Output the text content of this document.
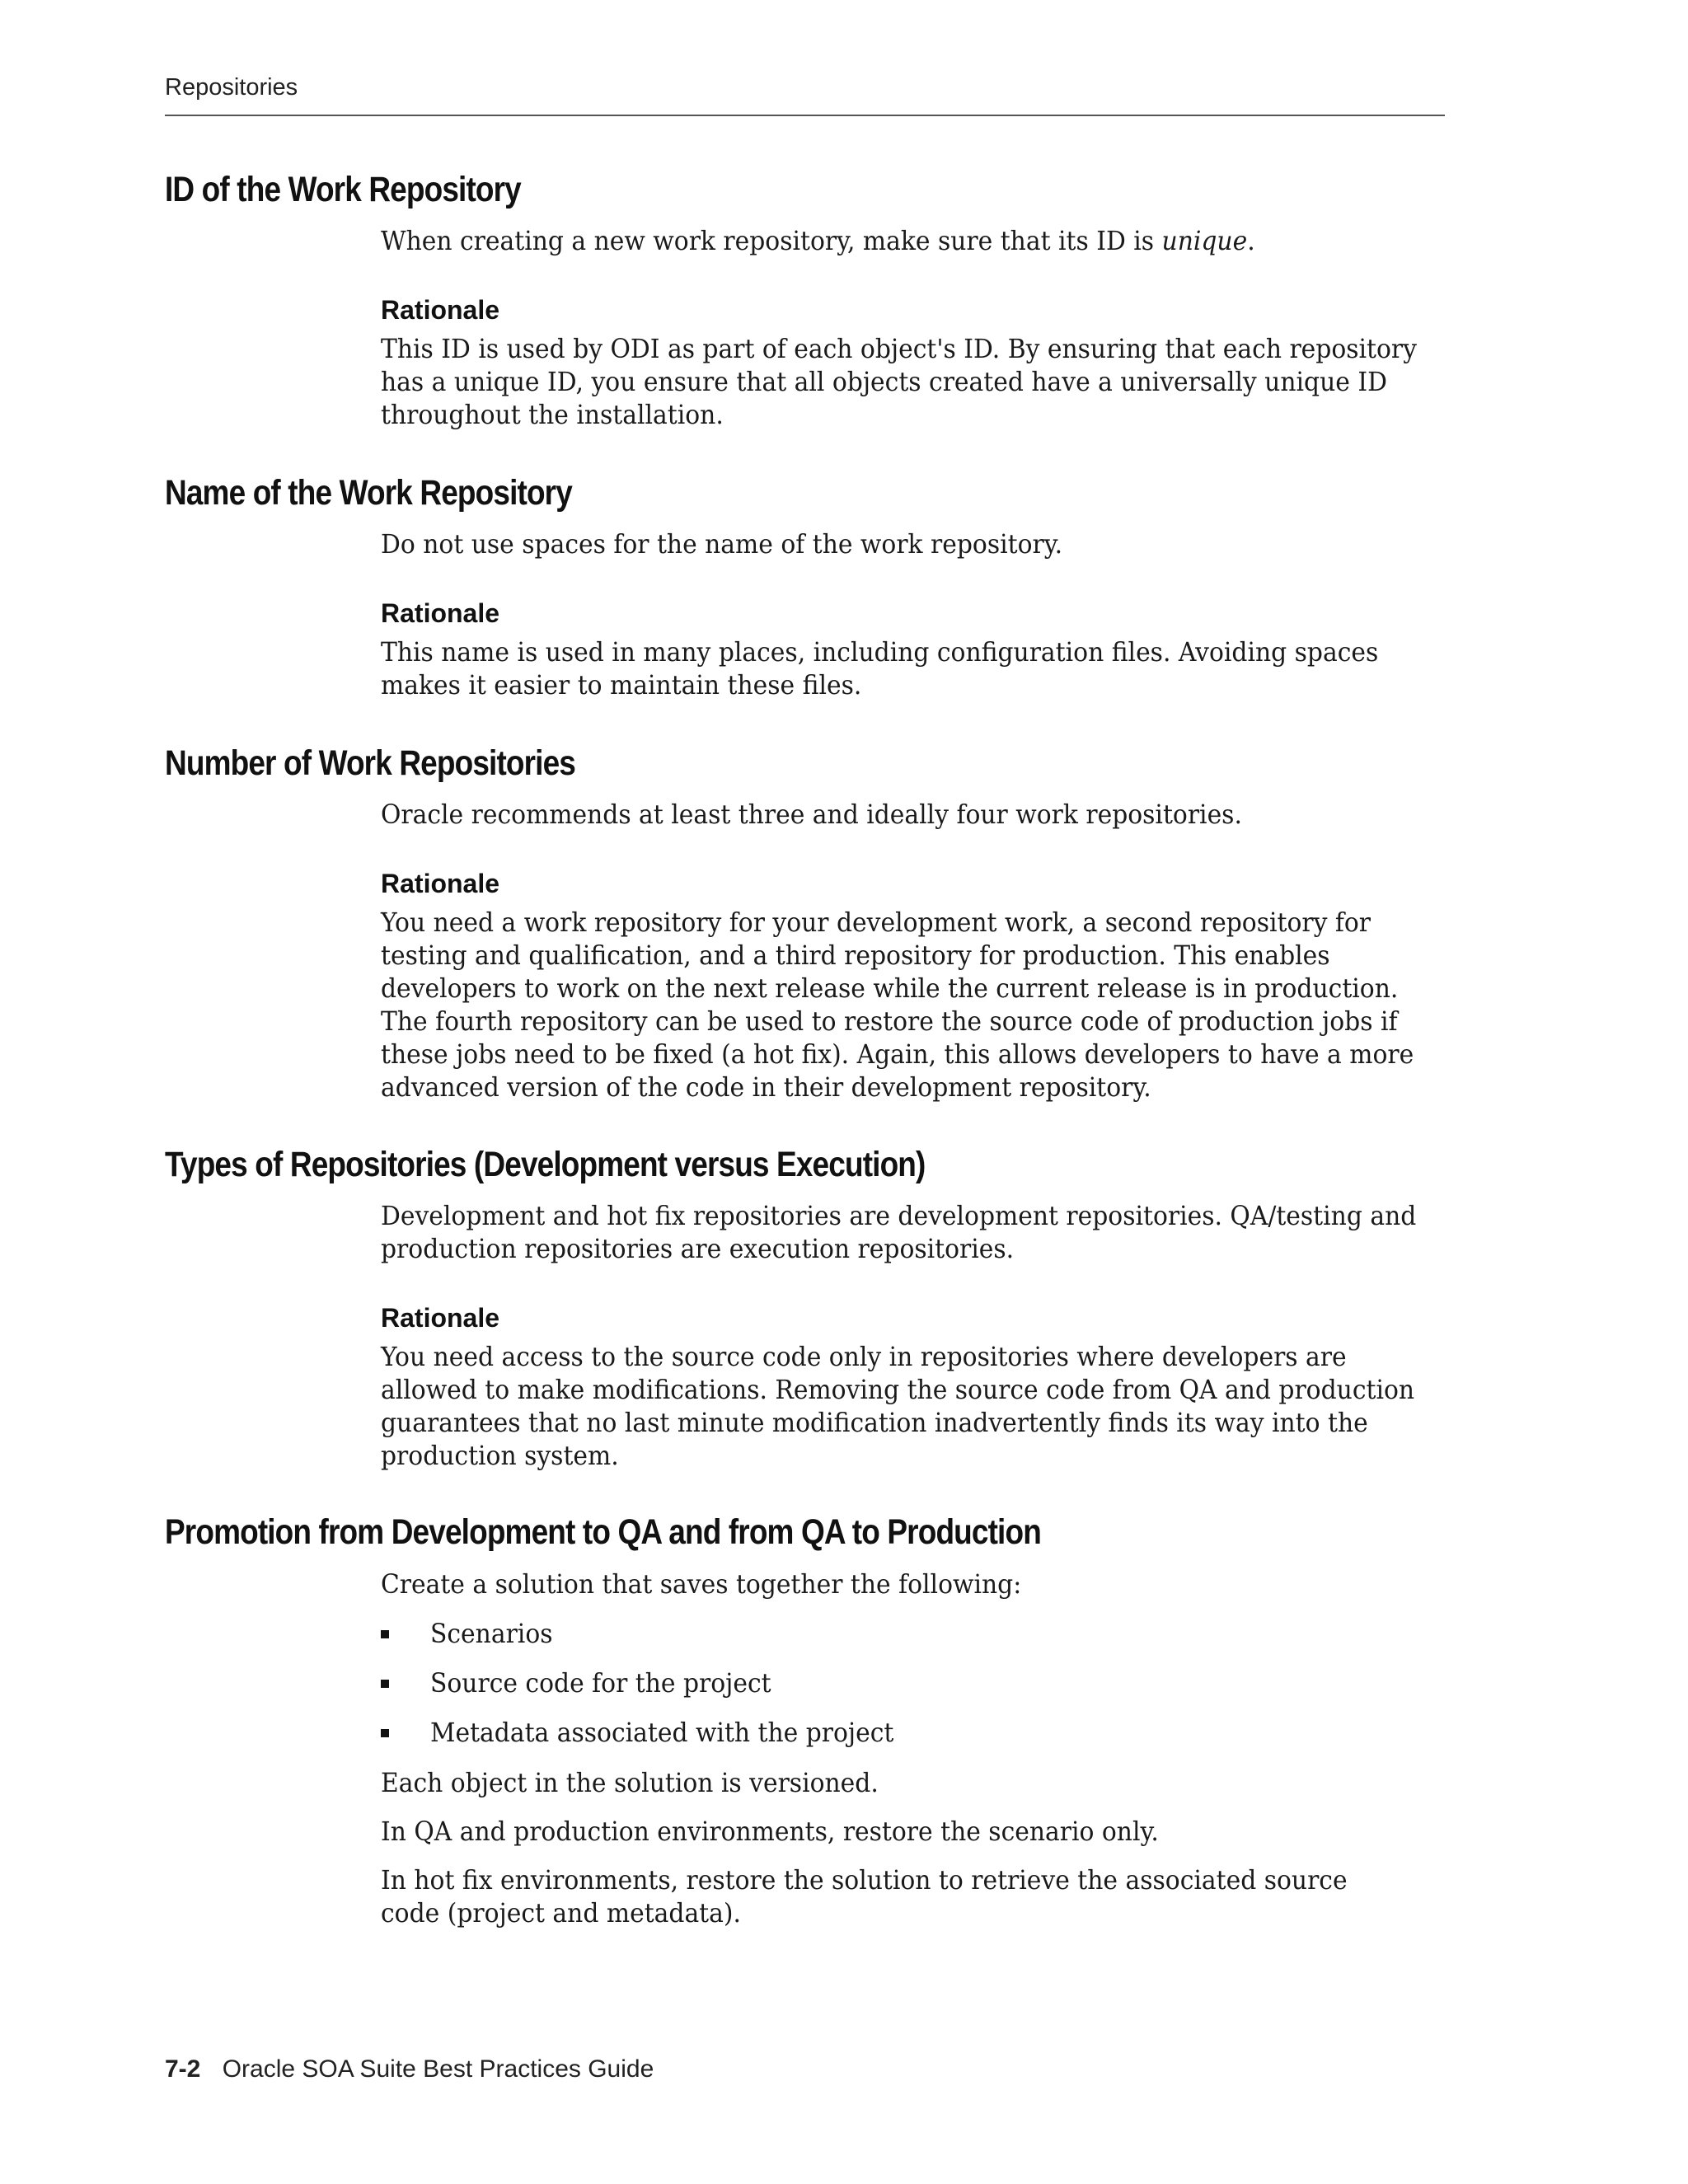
Repositories
ID of the Work Repository

When creating a new work repository, make sure that its ID is unique.

Rationale

This ID is used by ODI as part of each object's ID. By ensuring that each repository has a unique ID, you ensure that all objects created have a universally unique ID throughout the installation.

Name of the Work Repository

Do not use spaces for the name of the work repository.

Rationale

This name is used in many places, including configuration files. Avoiding spaces makes it easier to maintain these files.

Number of Work Repositories

Oracle recommends at least three and ideally four work repositories.

Rationale

You need a work repository for your development work, a second repository for testing and qualification, and a third repository for production. This enables developers to work on the next release while the current release is in production. The fourth repository can be used to restore the source code of production jobs if these jobs need to be fixed (a hot fix). Again, this allows developers to have a more advanced version of the code in their development repository.

Types of Repositories (Development versus Execution)

Development and hot fix repositories are development repositories. QA/testing and production repositories are execution repositories.

Rationale

You need access to the source code only in repositories where developers are allowed to make modifications. Removing the source code from QA and production guarantees that no last minute modification inadvertently finds its way into the production system.

Promotion from Development to QA and from QA to Production

Create a solution that saves together the following:

Scenarios
Source code for the project
Metadata associated with the project

Each object in the solution is versioned.

In QA and production environments, restore the scenario only.

In hot fix environments, restore the solution to retrieve the associated source code (project and metadata).

7-2 Oracle SOA Suite Best Practices Guide
